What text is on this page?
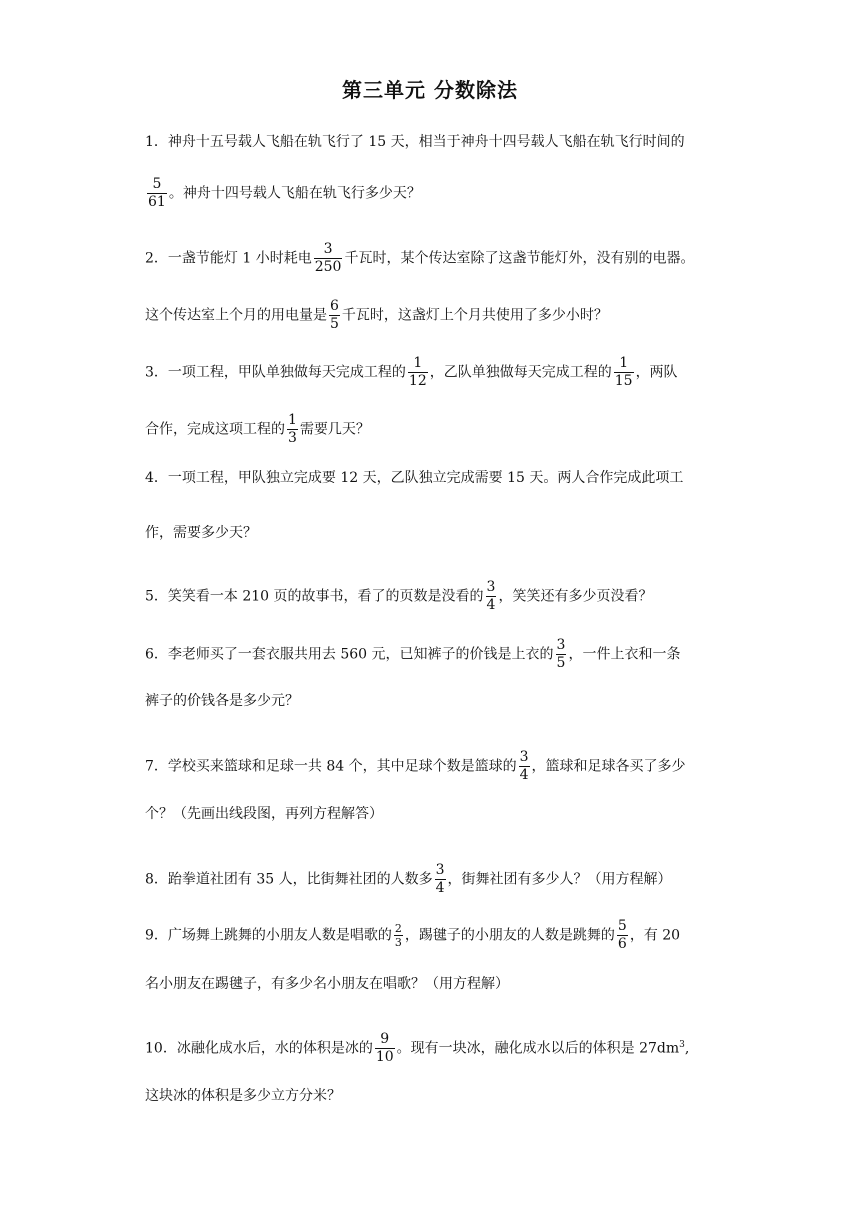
第三单元 分数除法
1．神舟十五号载人飞船在轨飞行了 15 天，相当于神舟十四号载人飞船在轨飞行时间的
$\frac{5}{61}$ 。神舟十四号载人飞船在轨飞行多少天？
2．一盏节能灯 1 小时耗电 $\frac{3}{250}$ 千瓦时，某个传达室除了这盏节能灯外，没有别的电器。
这个传达室上个月的用电量是 $\frac{6}{5}$ 千瓦时，这盏灯上个月共使用了多少小时？
3．一项工程，甲队单独做每天完成工程的 $\frac{1}{12}$ ，乙队单独做每天完成工程的 $\frac{1}{15}$ ，两队
合作，完成这项工程的 $\frac{1}{3}$ 需要几天？
4．一项工程，甲队独立完成要 12 天，乙队独立完成需要 15 天。两人合作完成此项工
作，需要多少天？
5．笑笑看一本 210 页的故事书，看了的页数是没看的 $\frac{3}{4}$ ，笑笑还有多少页没看？
6．李老师买了一套衣服共用去 560 元，已知裤子的价钱是上衣的 $\frac{3}{5}$ ，一件上衣和一条
裤子的价钱各是多少元？
7．学校买来篮球和足球一共 84 个，其中足球个数是篮球的 $\frac{3}{4}$ ，篮球和足球各买了多少
个？（先画出线段图，再列方程解答）
8．跆拳道社团有 35 人，比街舞社团的人数多 $\frac{3}{4}$ ，街舞社团有多少人？（用方程解）
9．广场舞上跳舞的小朋友人数是唱歌的 $\frac{2}{3}$ ，踢毽子的小朋友的人数是跳舞的 $\frac{5}{6}$ ，有 20
名小朋友在踢毽子，有多少名小朋友在唱歌？（用方程解）
10．冰融化成水后，水的体积是冰的 $\frac{9}{10}$ 。现有一块冰，融化成水以后的体积是 $27dm^3$,
这块冰的体积是多少立方分米？
